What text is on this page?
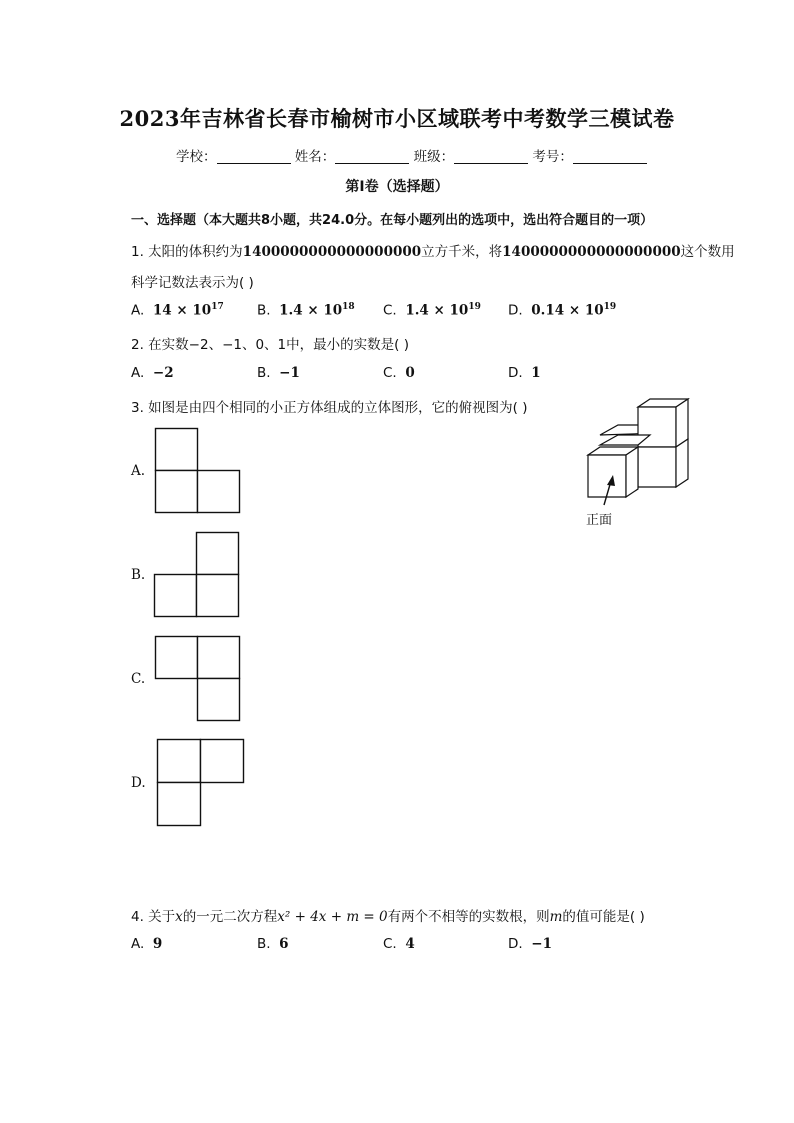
2023年吉林省长春市榆树市小区域联考中考数学三模试卷
学校：	姓名：	班级：	考号：
第I卷（选择题）
一、选择题（本大题共8小题，共24.0分。在每小题列出的选项中，选出符合题目的一项）
1. 太阳的体积约为1400000000000000000立方千米，将1400000000000000000这个数用
科学记数法表示为( )
A. $14 \times 10^{17}$ B. $1.4 \times 10^{18}$ C. $1.4 \times 10^{19}$ D. $0.14 \times 10^{19}$
2. 在实数−2、−1、0、1中，最小的实数是( )
A. −2	B. −1	C. 0	D. 1
3. 如图是由四个相同的小正方体组成的立体图形，它的俯视图为( )
正面
A.
B.
C.
D.
4. 关于x的一元二次方程x² + 4x + m = 0有两个不相等的实数根，则m的值可能是( )
A. 9	B. 6	C. 4	D. −1
